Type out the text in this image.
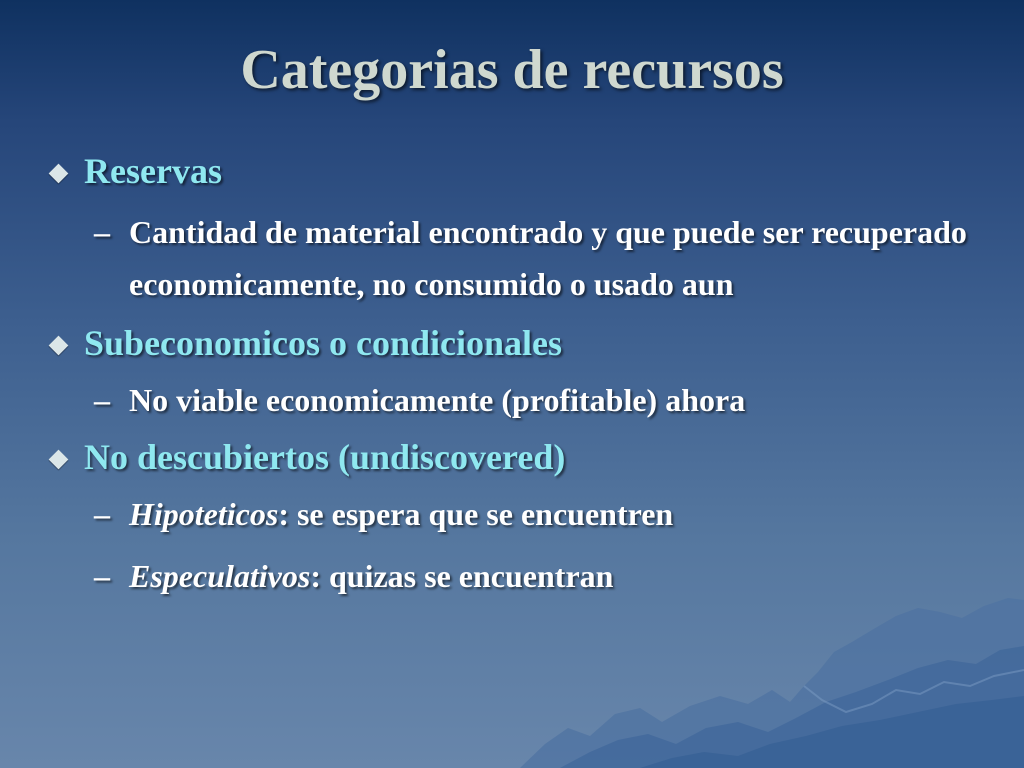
Categorias de recursos
Reservas
– Cantidad de material encontrado y que puede ser recuperado economicamente, no consumido o usado aun
Subeconomicos o condicionales
– No viable economicamente (profitable) ahora
No descubiertos (undiscovered)
– Hipoteticos: se espera que se encuentren
– Especulativos: quizas se encuentran
